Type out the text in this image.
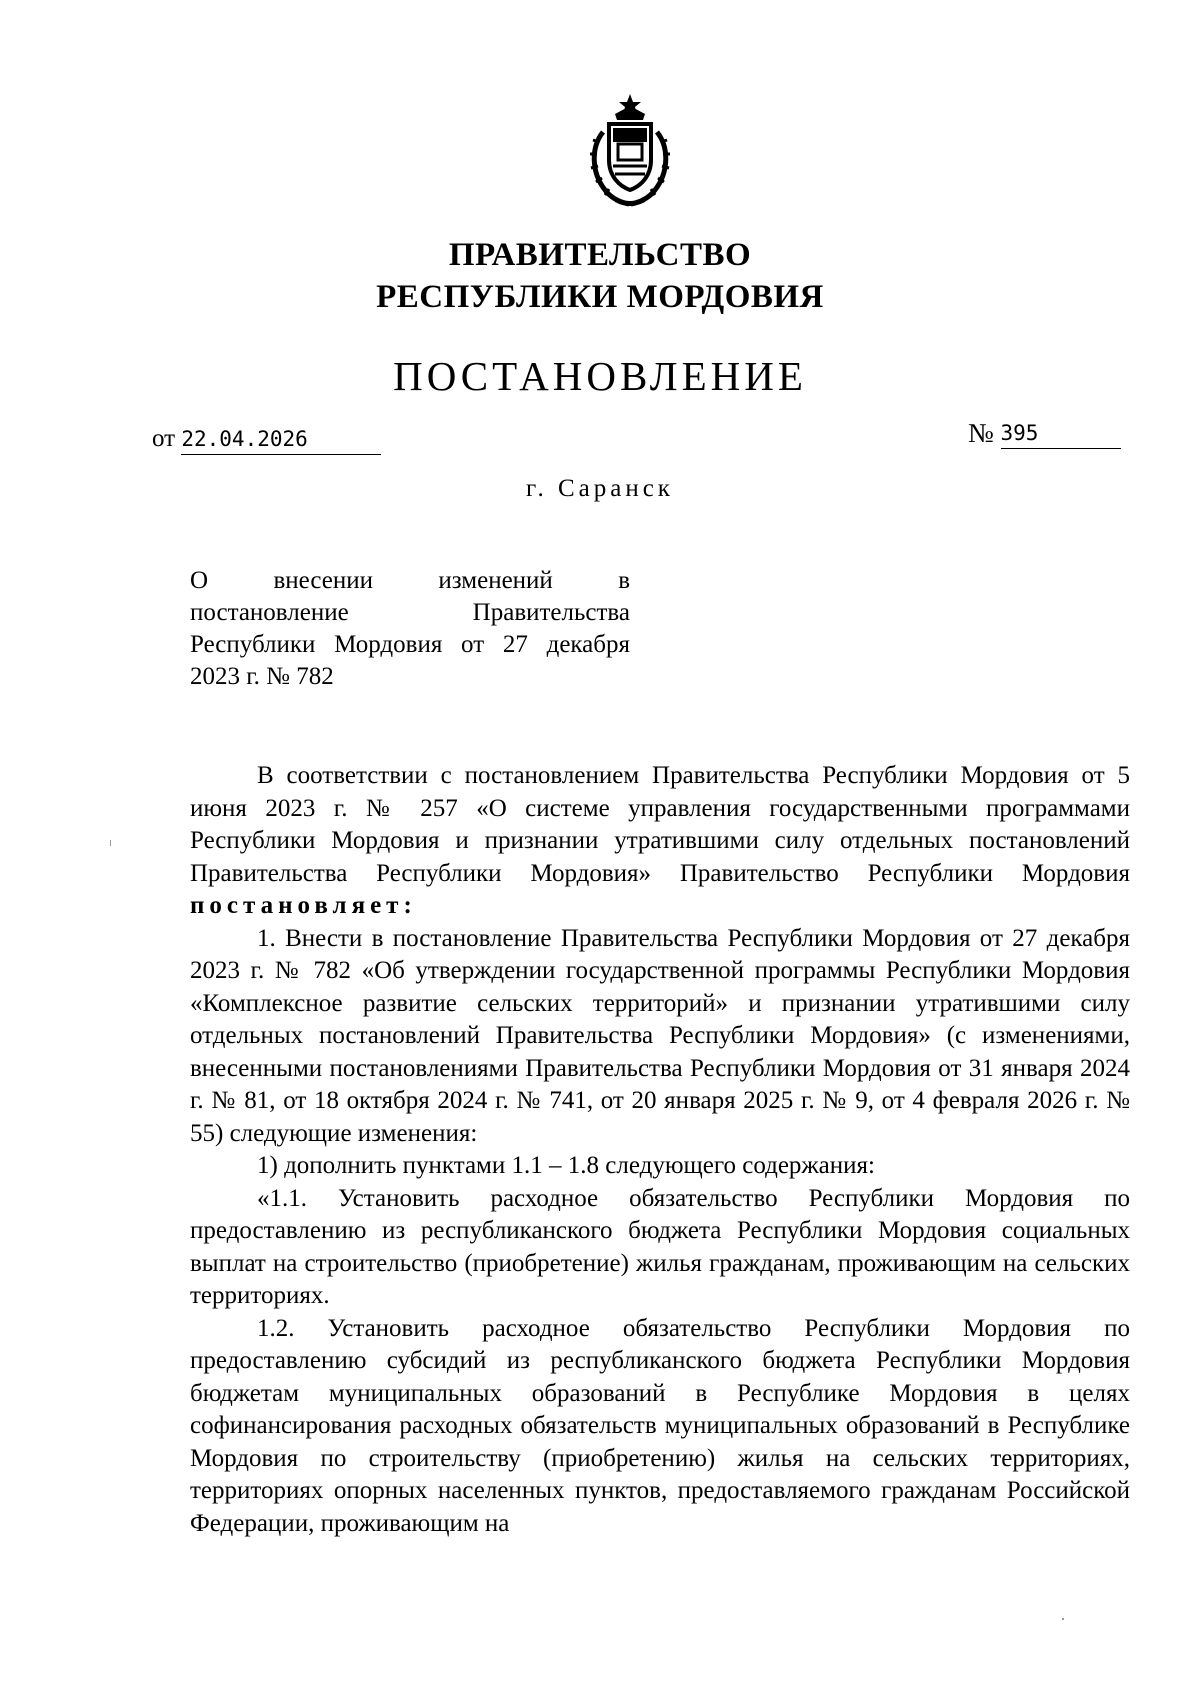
ПРАВИТЕЛЬСТВО
РЕСПУБЛИКИ МОРДОВИЯ
ПОСТАНОВЛЕНИЕ
от 22.04.2026	№ 395
г. Саранск

О внесении изменений в

постановление Правительства

Республики Мордовия от 27 декабря

2023 г. № 782

В соответствии с постановлением Правительства Республики Мордовия от 5 июня 2023 г. № 257 «О системе управления государственными программами Республики Мордовия и признании утратившими силу отдельных постановлений Правительства Республики Мордовия» Правительство Республики Мордовия постановляет:

1. Внести в постановление Правительства Республики Мордовия от 27 декабря 2023 г. № 782 «Об утверждении государственной программы Республики Мордовия «Комплексное развитие сельских территорий» и признании утратившими силу отдельных постановлений Правительства Республики Мордовия» (с изменениями, внесенными постановлениями Правительства Республики Мордовия от 31 января 2024 г. № 81, от 18 октября 2024 г. № 741, от 20 января 2025 г. № 9, от 4 февраля 2026 г. № 55) следующие изменения:

1) дополнить пунктами 1.1 – 1.8 следующего содержания:

«1.1. Установить расходное обязательство Республики Мордовия по предоставлению из республиканского бюджета Республики Мордовия социальных выплат на строительство (приобретение) жилья гражданам, проживающим на сельских территориях.

1.2. Установить расходное обязательство Республики Мордовия по предоставлению субсидий из республиканского бюджета Республики Мордовия бюджетам муниципальных образований в Республике Мордовия в целях софинансирования расходных обязательств муниципальных образований в Республике Мордовия по строительству (приобретению) жилья на сельских территориях, территориях опорных населенных пунктов, предоставляемого гражданам Российской Федерации, проживающим на
